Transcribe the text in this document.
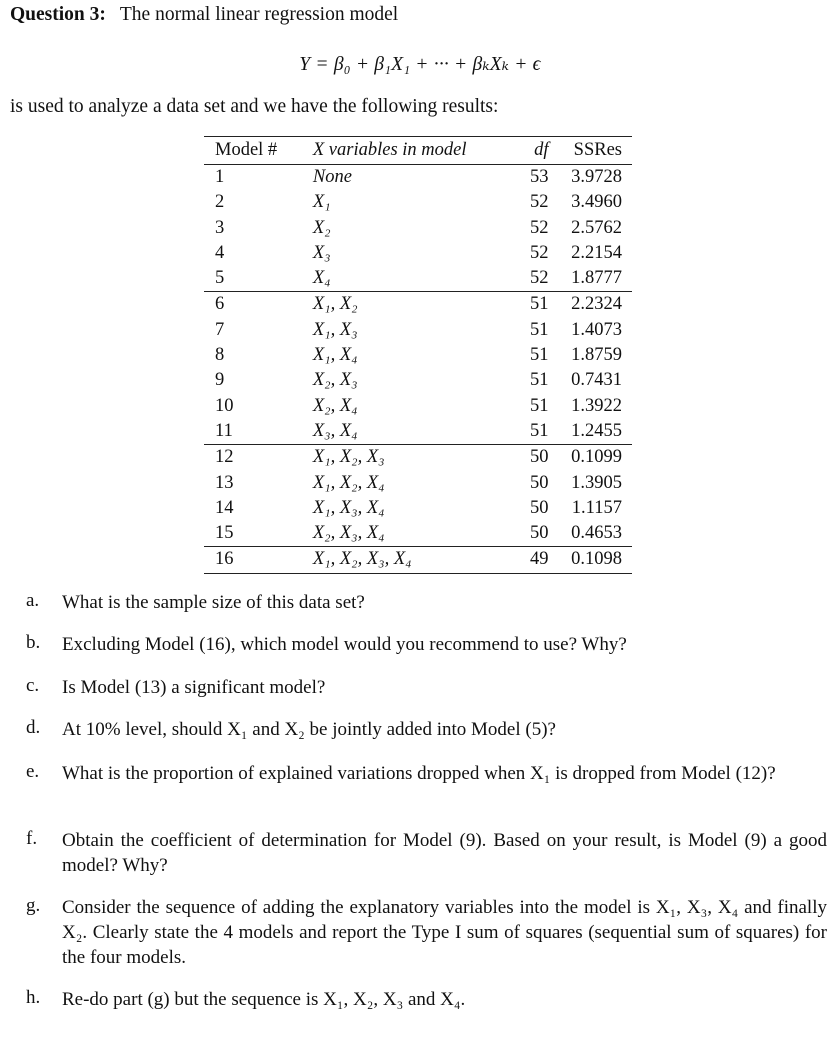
Question 3: The normal linear regression model
Y = β₀ + β₁X₁ + ··· + βₖXₖ + ϵ
is used to analyze a data set and we have the following results:
Model #	X variables in model	df	SSRes
1	None	53	3.9728
2	X₁	52	3.4960
3	X₂	52	2.5762
4	X₃	52	2.2154
5	X₄	52	1.8777
6	X₁, X₂	51	2.2324
7	X₁, X₃	51	1.4073
8	X₁, X₄	51	1.8759
9	X₂, X₃	51	0.7431
10	X₂, X₄	51	1.3922
11	X₃, X₄	51	1.2455
12	X₁, X₂, X₃	50	0.1099
13	X₁, X₂, X₄	50	1.3905
14	X₁, X₃, X₄	50	1.1157
15	X₂, X₃, X₄	50	0.4653
16	X₁, X₂, X₃, X₄	49	0.1098
a.	What is the sample size of this data set?
b.	Excluding Model (16), which model would you recommend to use? Why?
c.	Is Model (13) a significant model?
d.	At 10% level, should X₁ and X₂ be jointly added into Model (5)?
e.	What is the proportion of explained variations dropped when X₁ is dropped from Model (12)?
f.	Obtain the coefficient of determination for Model (9). Based on your result, is Model (9) a good model? Why?
g.	Consider the sequence of adding the explanatory variables into the model is X₁, X₃, X₄ and finally X₂. Clearly state the 4 models and report the Type I sum of squares (sequential sum of squares) for the four models.
h.	Re-do part (g) but the sequence is X₁, X₂, X₃ and X₄.
